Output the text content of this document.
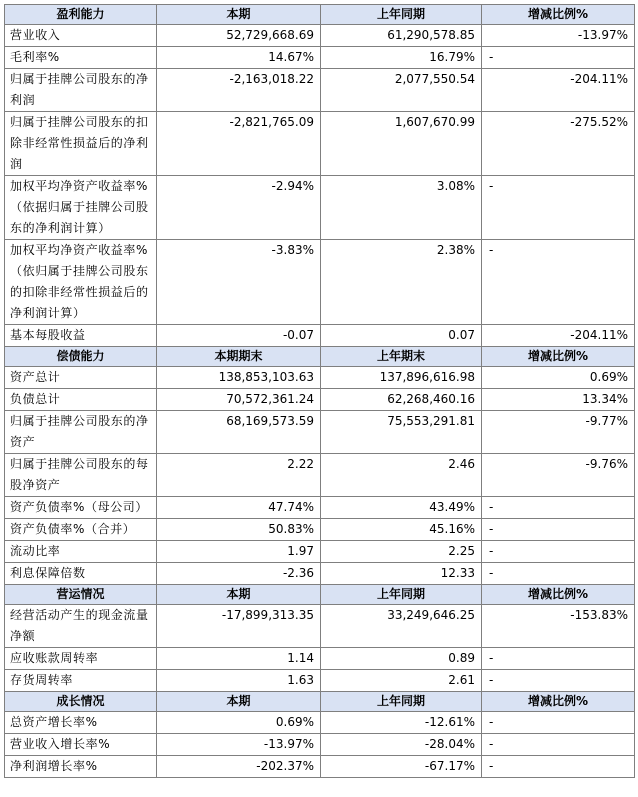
盈利能力	本期	上年同期	增减比例%
营业收入	52,729,668.69	61,290,578.85	-13.97%
毛利率%	14.67%	16.79%	-
归属于挂牌公司股东的净利润	-2,163,018.22	2,077,550.54	-204.11%
归属于挂牌公司股东的扣除非经常性损益后的净利润	-2,821,765.09	1,607,670.99	-275.52%
加权平均净资产收益率%（依据归属于挂牌公司股东的净利润计算）	-2.94%	3.08%	-
加权平均净资产收益率%（依归属于挂牌公司股东的扣除非经常性损益后的净利润计算）	-3.83%	2.38%	-
基本每股收益	-0.07	0.07	-204.11%
偿债能力	本期期末	上年期末	增减比例%
资产总计	138,853,103.63	137,896,616.98	0.69%
负债总计	70,572,361.24	62,268,460.16	13.34%
归属于挂牌公司股东的净资产	68,169,573.59	75,553,291.81	-9.77%
归属于挂牌公司股东的每股净资产	2.22	2.46	-9.76%
资产负债率%（母公司）	47.74%	43.49%	-
资产负债率%（合并）	50.83%	45.16%	-
流动比率	1.97	2.25	-
利息保障倍数	-2.36	12.33	-
营运情况	本期	上年同期	增减比例%
经营活动产生的现金流量净额	-17,899,313.35	33,249,646.25	-153.83%
应收账款周转率	1.14	0.89	-
存货周转率	1.63	2.61	-
成长情况	本期	上年同期	增减比例%
总资产增长率%	0.69%	-12.61%	-
营业收入增长率%	-13.97%	-28.04%	-
净利润增长率%	-202.37%	-67.17%	-
